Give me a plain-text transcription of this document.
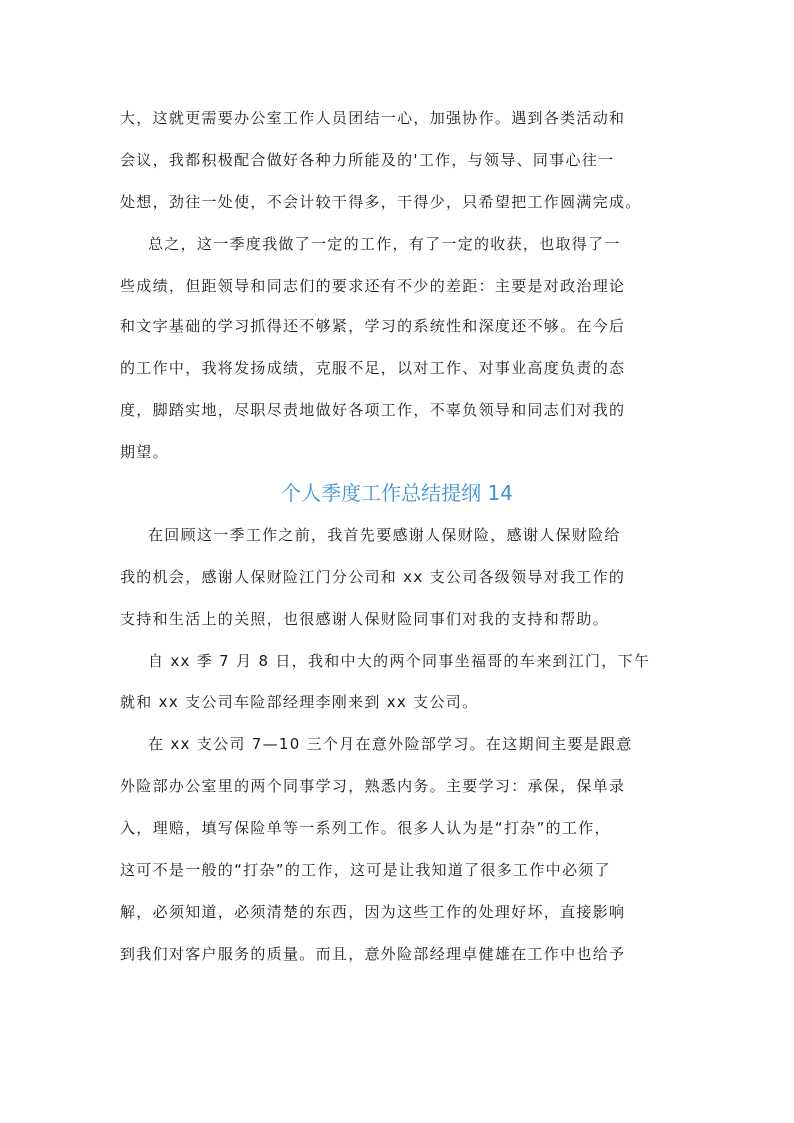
大，这就更需要办公室工作人员团结一心，加强协作。遇到各类活动和
会议，我都积极配合做好各种力所能及的'工作，与领导、同事心往一
处想，劲往一处使，不会计较干得多，干得少，只希望把工作圆满完成。
总之，这一季度我做了一定的工作，有了一定的收获，也取得了一
些成绩，但距领导和同志们的要求还有不少的差距：主要是对政治理论
和文字基础的学习抓得还不够紧，学习的系统性和深度还不够。在今后
的工作中，我将发扬成绩，克服不足，以对工作、对事业高度负责的态
度，脚踏实地，尽职尽责地做好各项工作，不辜负领导和同志们对我的
期望。
个人季度工作总结提纲 14
在回顾这一季工作之前，我首先要感谢人保财险，感谢人保财险给
我的机会，感谢人保财险江门分公司和 xx 支公司各级领导对我工作的
支持和生活上的关照，也很感谢人保财险同事们对我的支持和帮助。
自 xx 季 7 月 8 日，我和中大的两个同事坐福哥的车来到江门，下午
就和 xx 支公司车险部经理李刚来到 xx 支公司。
在 xx 支公司 7—10 三个月在意外险部学习。在这期间主要是跟意
外险部办公室里的两个同事学习，熟悉内务。主要学习：承保，保单录
入，理赔，填写保险单等一系列工作。很多人认为是“打杂”的工作，
这可不是一般的“打杂”的工作，这可是让我知道了很多工作中必须了
解，必须知道，必须清楚的东西，因为这些工作的处理好坏，直接影响
到我们对客户服务的质量。而且，意外险部经理卓健雄在工作中也给予
